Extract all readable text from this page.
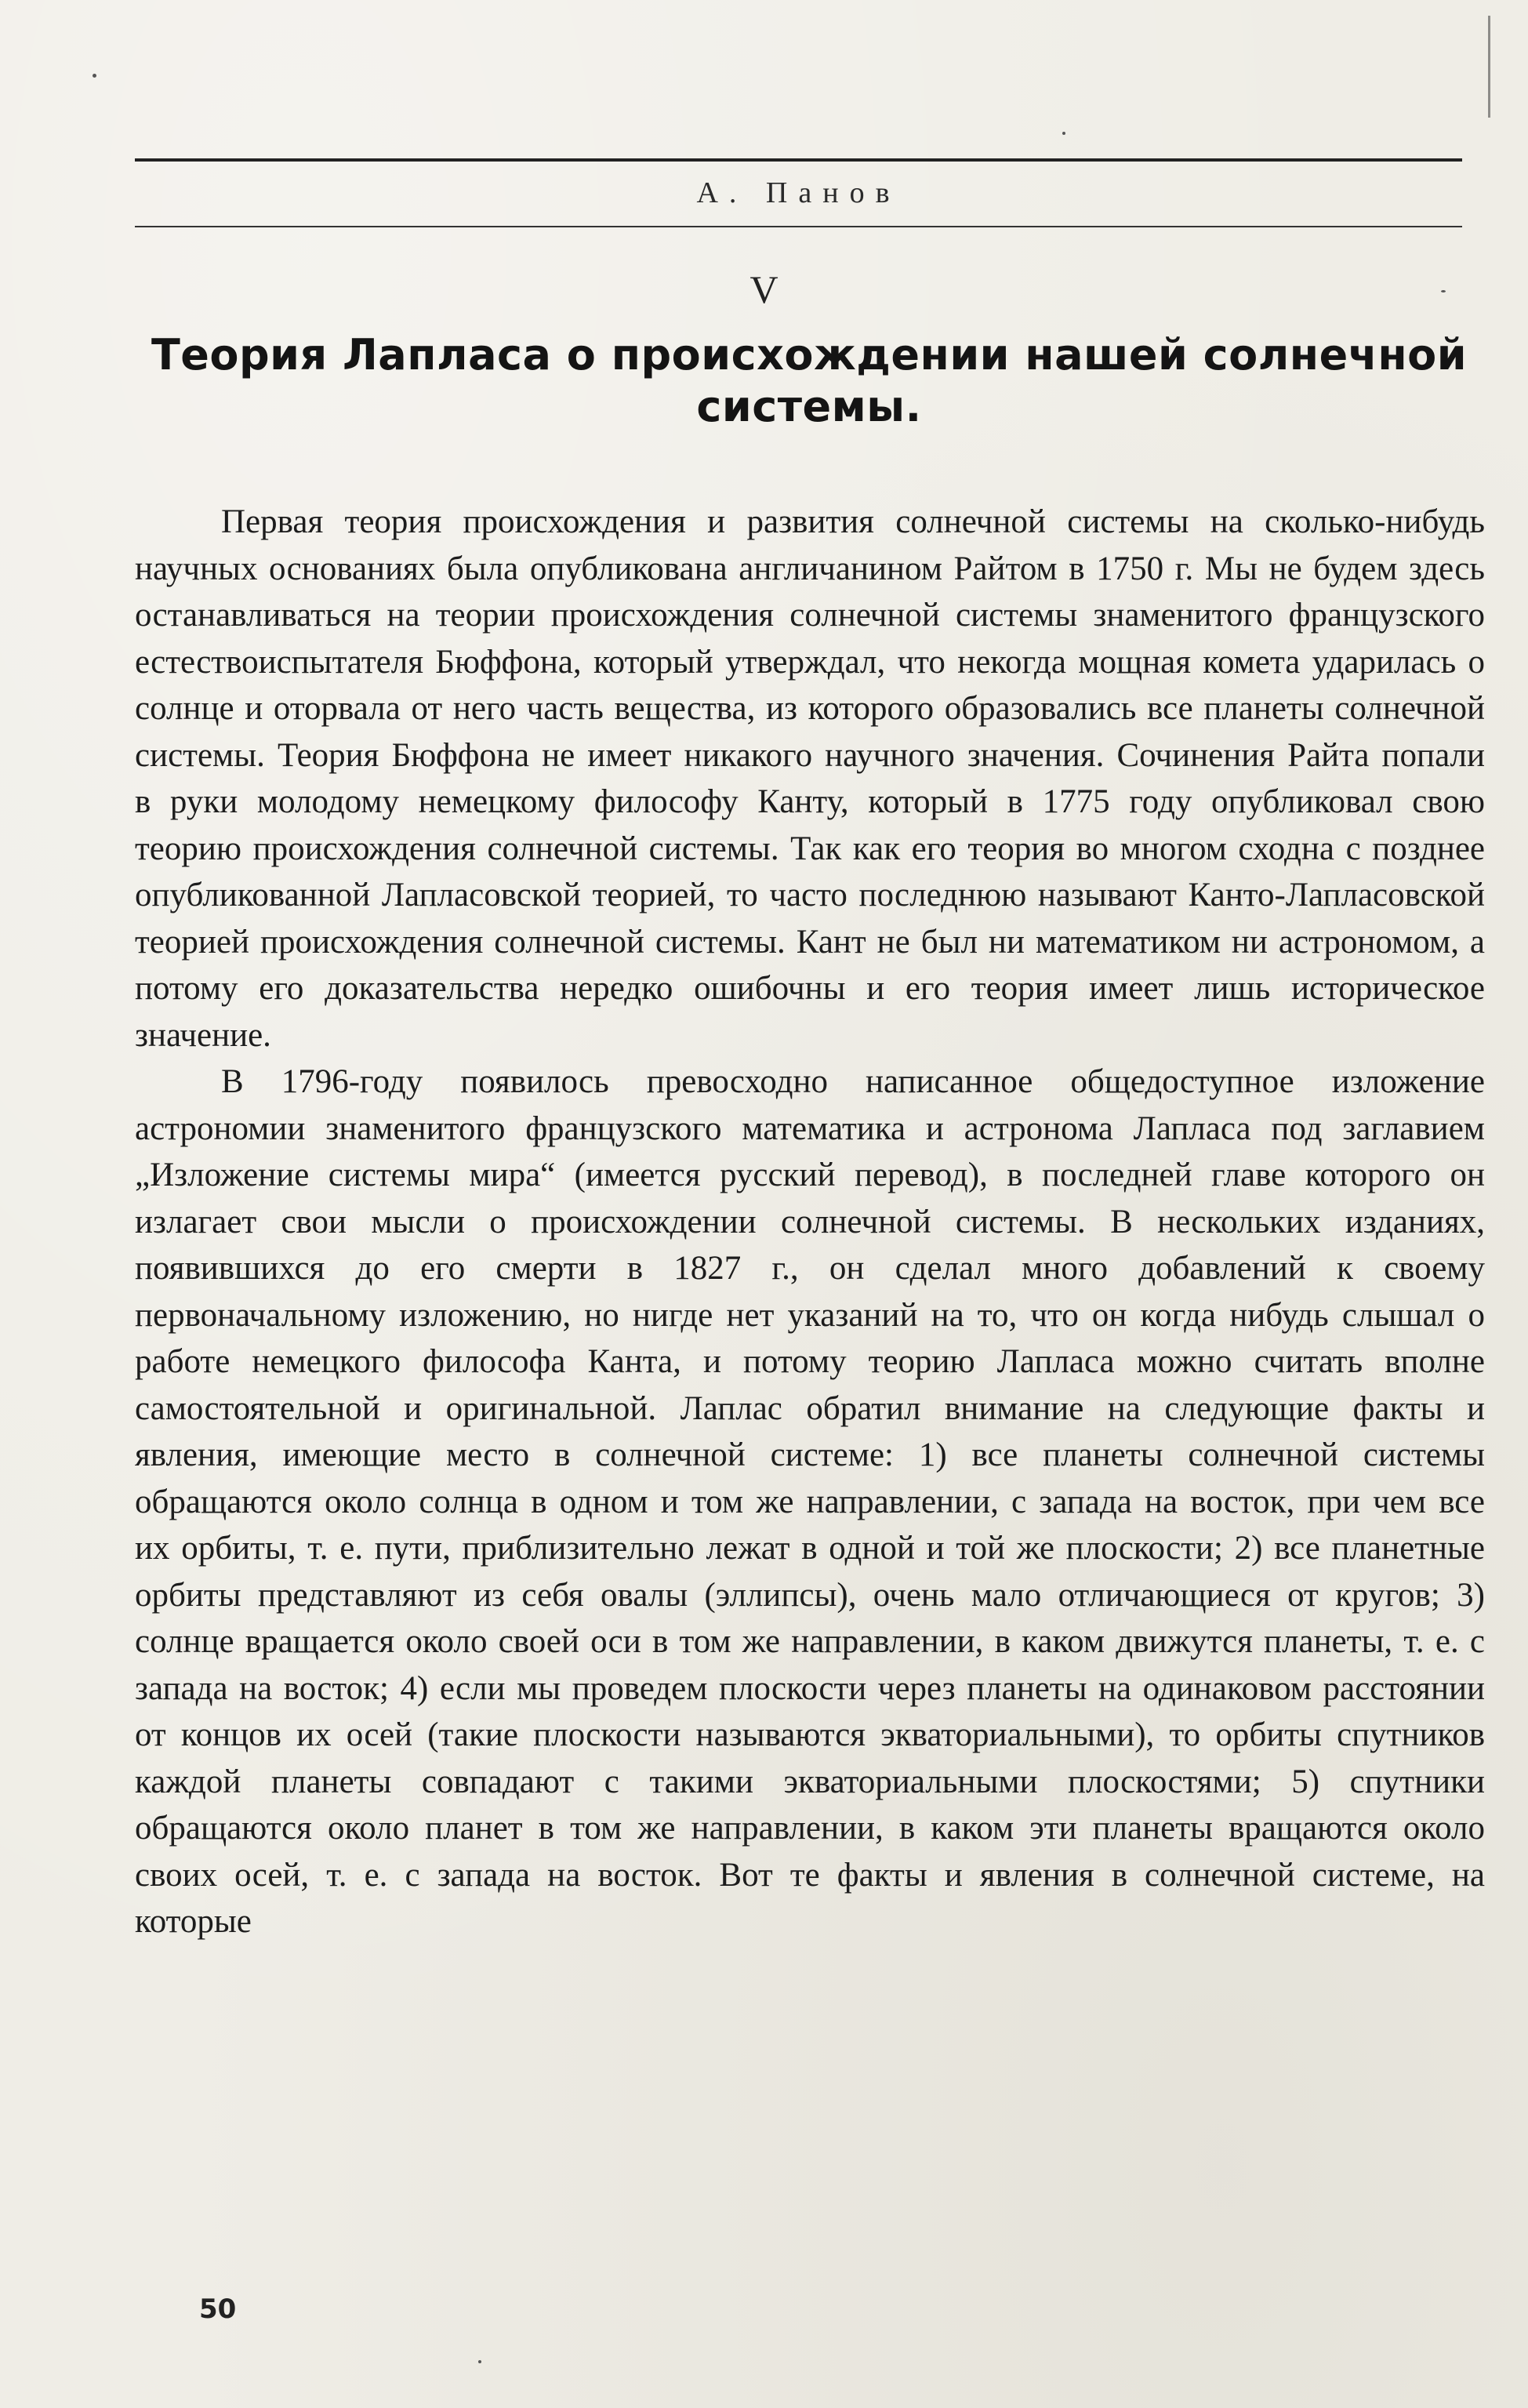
А. Панов
V
Теория Лапласа о происхождении нашей солнечной системы.

Первая теория происхождения и развития солнечной системы на сколько-нибудь научных основаниях была опубликована англичанином Райтом в 1750 г. Мы не будем здесь останавливаться на теории происхождения солнечной системы знаменитого французского естествоиспытателя Бюффона, который утверждал, что некогда мощная комета ударилась о солнце и оторвала от него часть вещества, из которого образовались все планеты солнечной системы. Теория Бюффона не имеет никакого научного значения. Сочинения Райта попали в руки молодому немецкому философу Канту, который в 1775 году опубликовал свою теорию происхождения солнечной системы. Так как его теория во многом сходна с позднее опубликованной Лапласовской теорией, то часто последнюю называют Канто-Лапласовской теорией происхождения солнечной системы. Кант не был ни математиком ни астрономом, а потому его доказательства нередко ошибочны и его теория имеет лишь историческое значение.

В 1796-году появилось превосходно написанное общедоступное изложение астрономии знаменитого французского математика и астронома Лапласа под заглавием „Изложение системы мира“ (имеется русский перевод), в последней главе которого он излагает свои мысли о происхождении солнечной системы. В нескольких изданиях, появившихся до его смерти в 1827 г., он сделал много добавлений к своему первоначальному изложению, но нигде нет указаний на то, что он когда нибудь слышал о работе немецкого философа Канта, и потому теорию Лапласа можно считать вполне самостоятельной и оригинальной. Лаплас обратил внимание на следующие факты и явления, имеющие место в солнечной системе: 1) все планеты солнечной системы обращаются около солнца в одном и том же направлении, с запада на восток, при чем все их орбиты, т. е. пути, приблизительно лежат в одной и той же плоскости; 2) все планетные орбиты представляют из себя овалы (эллипсы), очень мало отличающиеся от кругов; 3) солнце вращается около своей оси в том же направлении, в каком движутся планеты, т. е. с запада на восток; 4) если мы проведем плоскости через планеты на одинаковом расстоянии от концов их осей (такие плоскости называются экваториальными), то орбиты спутников каждой планеты совпадают с такими экваториальными плоскостями; 5) спутники обращаются около планет в том же направлении, в каком эти планеты вращаются около своих осей, т. е. с запада на восток. Вот те факты и явления в солнечной системе, на которые

50
